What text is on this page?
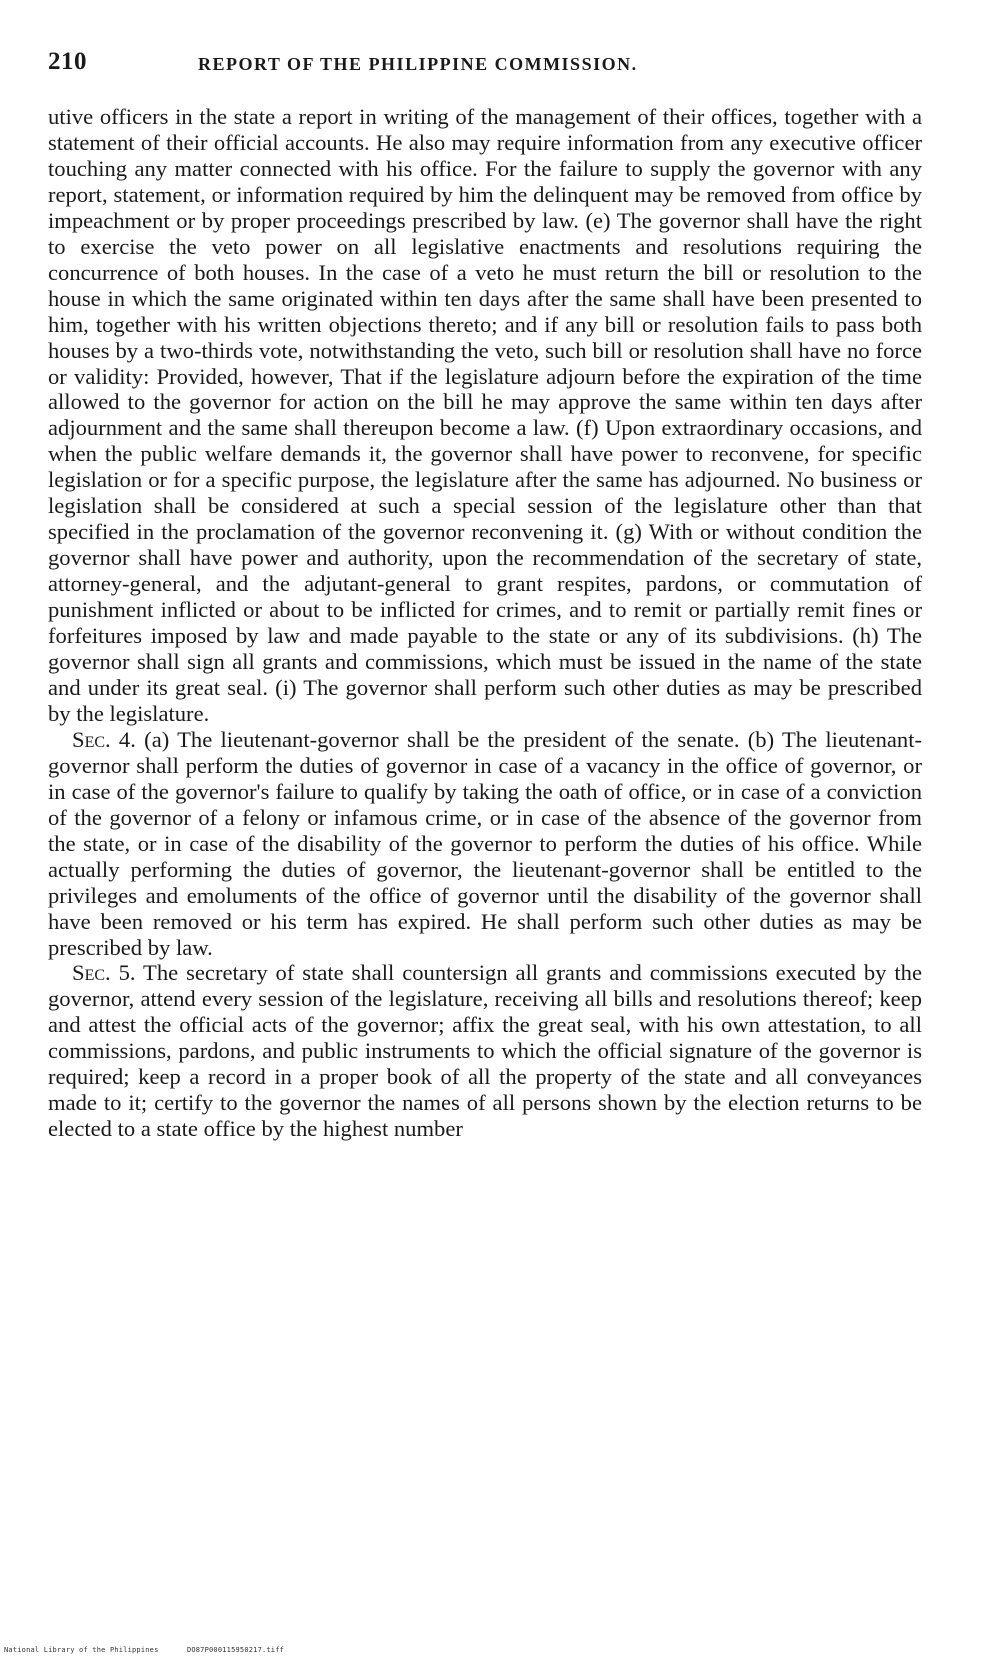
210	REPORT OF THE PHILIPPINE COMMISSION.

utive officers in the state a report in writing of the management of their offices, together with a statement of their official accounts. He also may require information from any executive officer touching any matter connected with his office. For the failure to supply the governor with any report, statement, or information required by him the delinquent may be removed from office by impeachment or by proper proceedings prescribed by law. (e) The governor shall have the right to exercise the veto power on all legislative enactments and resolutions requiring the concurrence of both houses. In the case of a veto he must return the bill or resolution to the house in which the same originated within ten days after the same shall have been presented to him, together with his written objections thereto; and if any bill or resolution fails to pass both houses by a two-thirds vote, notwithstanding the veto, such bill or resolution shall have no force or validity: Provided, however, That if the legislature adjourn before the expiration of the time allowed to the governor for action on the bill he may approve the same within ten days after adjournment and the same shall thereupon become a law. (f) Upon extraordinary occasions, and when the public welfare demands it, the governor shall have power to reconvene, for specific legislation or for a specific purpose, the legislature after the same has adjourned. No business or legislation shall be considered at such a special session of the legislature other than that specified in the proclamation of the governor reconvening it. (g) With or without condition the governor shall have power and authority, upon the recommendation of the secretary of state, attorney-general, and the adjutant-general to grant respites, pardons, or commutation of punishment inflicted or about to be inflicted for crimes, and to remit or partially remit fines or forfeitures imposed by law and made payable to the state or any of its subdivisions. (h) The governor shall sign all grants and commissions, which must be issued in the name of the state and under its great seal. (i) The governor shall perform such other duties as may be prescribed by the legislature.

Sec. 4. (a) The lieutenant-governor shall be the president of the senate. (b) The lieutenant-governor shall perform the duties of governor in case of a vacancy in the office of governor, or in case of the governor's failure to qualify by taking the oath of office, or in case of a conviction of the governor of a felony or infamous crime, or in case of the absence of the governor from the state, or in case of the disability of the governor to perform the duties of his office. While actually performing the duties of governor, the lieutenant-governor shall be entitled to the privileges and emoluments of the office of governor until the disability of the governor shall have been removed or his term has expired. He shall perform such other duties as may be prescribed by law.

Sec. 5. The secretary of state shall countersign all grants and commissions executed by the governor, attend every session of the legislature, receiving all bills and resolutions thereof; keep and attest the official acts of the governor; affix the great seal, with his own attestation, to all commissions, pardons, and public instruments to which the official signature of the governor is required; keep a record in a proper book of all the property of the state and all conveyances made to it; certify to the governor the names of all persons shown by the election returns to be elected to a state office by the highest number

National Library of the Philippines	DO87P000115950217.tiff
